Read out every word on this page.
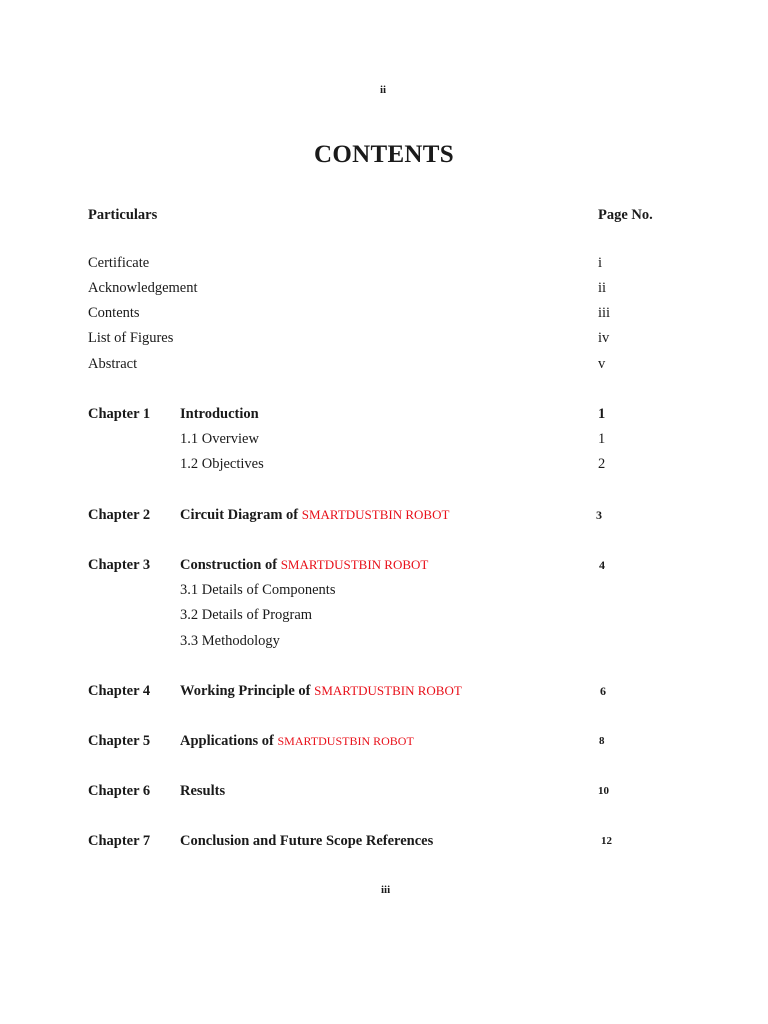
ii
CONTENTS
Particulars	Page No.
Certificate	i
Acknowledgement	ii
Contents	iii
List of Figures	iv
Abstract	v
Chapter 1 Introduction	1
1.1 Overview	1
1.2 Objectives	2
Chapter 2 Circuit Diagram of SMARTDUSTBIN ROBOT	3
Chapter 3 Construction of SMARTDUSTBIN ROBOT	4
3.1 Details of Components
3.2 Details of Program
3.3 Methodology
Chapter 4 Working Principle of SMARTDUSTBIN ROBOT	6
Chapter 5 Applications of SMARTDUSTBIN ROBOT	8
Chapter 6 Results	10
Chapter 7 Conclusion and Future Scope References	12
iii
